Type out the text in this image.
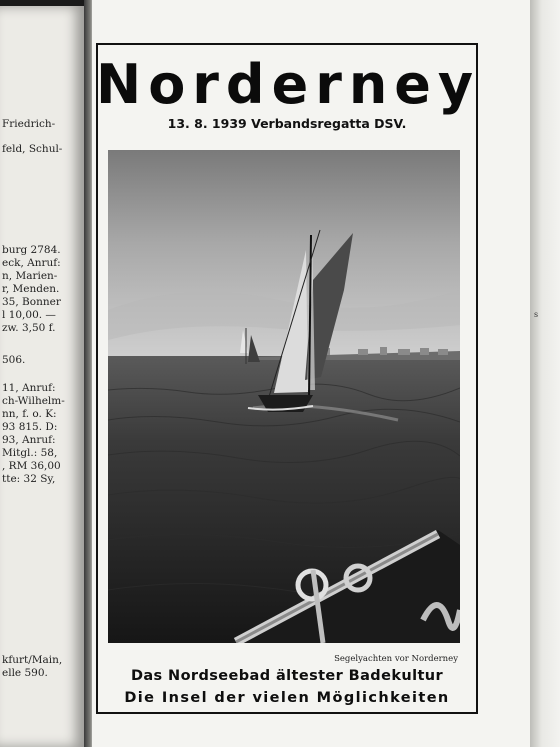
Friedrich-
feld, Schul-
burg 2784.
eck, Anruf:
n, Marien-
r, Menden.
35, Bonner
l 10,00. —
zw. 3,50 f.
506.
11, Anruf:
ch-Wilhelm-
nn, f. o. K:
93 815. D:
93, Anruf:
Mitgl.: 58,
, RM 36,00
tte: 32 Sy,
kfurt/Main,
elle 590.
s
Norderney
13. 8. 1939 Verbandsregatta DSV.
Segelyachten vor Norderney
Das Nordseebad ältester Badekultur
Die Insel der vielen Möglichkeiten
